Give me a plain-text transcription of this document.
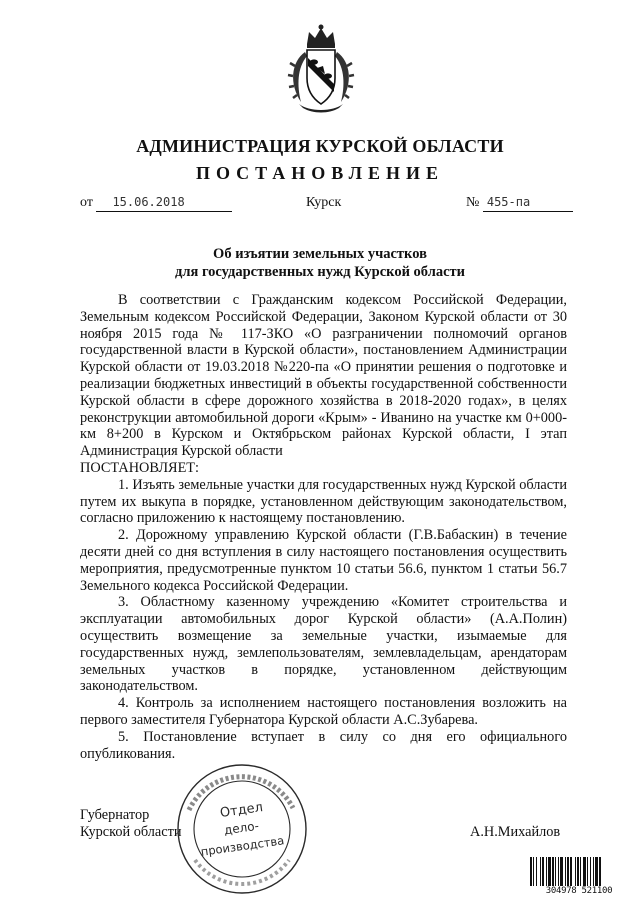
АДМИНИСТРАЦИЯ КУРСКОЙ ОБЛАСТИ
ПОСТАНОВЛЕНИЕ
от 15.06.2018	Курск	№ 455-па
Об изъятии земельных участков
для государственных нужд Курской области

В соответствии с Гражданским кодексом Российской Федерации, Земельным кодексом Российской Федерации, Законом Курской области от 30 ноября 2015 года № 117-ЗКО «О разграничении полномочий органов государственной власти в Курской области», постановлением Администрации Курской области от 19.03.2018 №220-па «О принятии решения о подготовке и реализации бюджетных инвестиций в объекты государственной собственности Курской области в сфере дорожного хозяйства в 2018-2020 годах», в целях реконструкции автомобильной дороги «Крым» - Иванино на участке км 0+000-км 8+200 в Курском и Октябрьском районах Курской области, I этап Администрация Курской области

ПОСТАНОВЛЯЕТ:

1. Изъять земельные участки для государственных нужд Курской области путем их выкупа в порядке, установленном действующим законодательством, согласно приложению к настоящему постановлению.

2. Дорожному управлению Курской области (Г.В.Бабаскин) в течение десяти дней со дня вступления в силу настоящего постановления осуществить мероприятия, предусмотренные пунктом 10 статьи 56.6, пунктом 1 статьи 56.7 Земельного кодекса Российской Федерации.

3. Областному казенному учреждению «Комитет строительства и эксплуатации автомобильных дорог Курской области» (А.А.Полин) осуществить возмещение за земельные участки, изымаемые для государственных нужд, землепользователям, землевладельцам, арендаторам земельных участков в порядке, установленном действующим законодательством.

4. Контроль за исполнением настоящего постановления возложить на первого заместителя Губернатора Курской области А.С.Зубарева.

5. Постановление вступает в силу со дня его официального опубликования.

Губернатор
Курской области	А.Н.Михайлов
Отдел
дело-
производства
304978 521100
